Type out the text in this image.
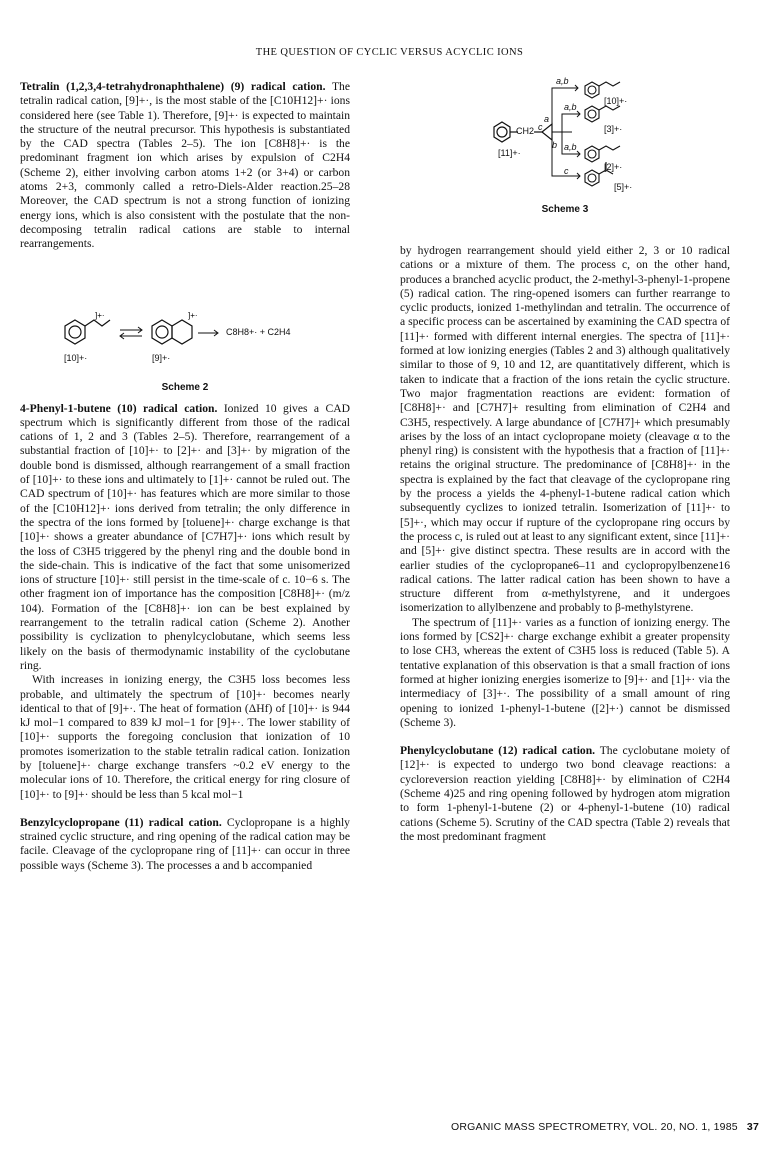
THE QUESTION OF CYCLIC VERSUS ACYCLIC IONS

Tetralin (1,2,3,4-tetrahydronaphthalene) (9) radical cation. The tetralin radical cation, [9]+·, is the most stable of the [C10H12]+· ions considered here (see Table 1). Therefore, [9]+· is expected to maintain the structure of the neutral precursor. This hypothesis is substantiated by the CAD spectra (Tables 2–5). The ion [C8H8]+· is the predominant fragment ion which arises by expulsion of C2H4 (Scheme 2), either involving carbon atoms 1+2 (or 3+4) or carbon atoms 2+3, commonly called a retro-Diels-Alder reaction.25–28 Moreover, the CAD spectrum is not a strong function of ionizing energy ions, which is also consistent with the postulate that the non-decomposing tetralin radical cations are stable to internal rearrangements.

4-Phenyl-1-butene (10) radical cation. Ionized 10 gives a CAD spectrum which is significantly different from those of the radical cations of 1, 2 and 3 (Tables 2–5). Therefore, rearrangement of a substantial fraction of [10]+· to [2]+· and [3]+· by migration of the double bond is dismissed, although rearrangement of a small fraction of [10]+· to these ions and ultimately to [1]+· cannot be ruled out. The CAD spectrum of [10]+· has features which are more similar to those of the [C10H12]+· ions derived from tetralin; the only difference in the spectra of the ions formed by [toluene]+· charge exchange is that [10]+· shows a greater abundance of [C7H7]+· ions which result by the loss of C3H5 triggered by the phenyl ring and the double bond in the side-chain. This is indicative of the fact that some unisomerized ions of structure [10]+· still persist in the time-scale of c. 10−6 s. The other fragment ion of importance has the composition [C8H8]+· (m/z 104). Formation of the [C8H8]+· ion can be best explained by rearrangement to the tetralin radical cation (Scheme 2). Another possibility is cyclization to phenylcyclobutane, which seems less likely on the basis of thermodynamic instability of the cyclobutane ring.

With increases in ionizing energy, the C3H5 loss becomes less probable, and ultimately the spectrum of [10]+· becomes nearly identical to that of [9]+·. The heat of formation (ΔHf) of [10]+· is 944 kJ mol−1 compared to 839 kJ mol−1 for [9]+·. The lower stability of [10]+· supports the foregoing conclusion that ionization of 10 promotes isomerization to the stable tetralin radical cation. Ionization by [toluene]+· charge exchange transfers ~0.2 eV energy to the molecular ions of 10. Therefore, the critical energy for ring closure of [10]+· to [9]+· should be less than 5 kcal mol−1

Benzylcyclopropane (11) radical cation. Cyclopropane is a highly strained cyclic structure, and ring opening of the radical cation may be facile. Cleavage of the cyclopropane ring of [11]+· can occur in three possible ways (Scheme 3). The processes a and b accompanied

]+·	]+·
C8H8+· + C2H4
[10]+·	[9]+·
Scheme 2
CH2
[11]+·
a,b
a,b
a,b
c
a
b
c
[10]+·
[3]+·
[2]+·
[5]+·
Scheme 3

by hydrogen rearrangement should yield either 2, 3 or 10 radical cations or a mixture of them. The process c, on the other hand, produces a branched acyclic product, the 2-methyl-3-phenyl-1-propene (5) radical cation. The ring-opened isomers can further rearrange to cyclic products, ionized 1-methylindan and tetralin. The occurrence of a specific process can be ascertained by examining the CAD spectra of [11]+· formed with different internal energies. The spectra of [11]+· formed at low ionizing energies (Tables 2 and 3) although qualitatively similar to those of 9, 10 and 12, are quantitatively different, which is taken to indicate that a fraction of the ions retain the cyclic structure. Two major fragmentation reactions are evident: formation of [C8H8]+· and [C7H7]+ resulting from elimination of C2H4 and C3H5, respectively. A large abundance of [C7H7]+ which presumably arises by the loss of an intact cyclopropane moiety (cleavage α to the phenyl ring) is consistent with the hypothesis that a fraction of [11]+· retains the original structure. The predominance of [C8H8]+· in the spectra is explained by the fact that cleavage of the cyclopropane ring by the process a yields the 4-phenyl-1-butene radical cation which subsequently cyclizes to ionized tetralin. Isomerization of [11]+· to [5]+·, which may occur if rupture of the cyclopropane ring occurs by the process c, is ruled out at least to any significant extent, since [11]+· and [5]+· give distinct spectra. These results are in accord with the earlier studies of the cyclopropane6–11 and cyclopropylbenzene16 radical cations. The latter radical cation has been shown to have a structure different from α-methylstyrene, and it undergoes isomerization to allylbenzene and probably to β-methylstyrene.

The spectrum of [11]+· varies as a function of ionizing energy. The ions formed by [CS2]+· charge exchange exhibit a greater propensity to lose CH3, whereas the extent of C3H5 loss is reduced (Table 5). A tentative explanation of this observation is that a small fraction of ions formed at higher ionizing energies isomerize to [9]+· and [1]+· via the intermediacy of [3]+·. The possibility of a small amount of ring opening to ionized 1-phenyl-1-butene ([2]+·) cannot be dismissed (Scheme 3).

Phenylcyclobutane (12) radical cation. The cyclobutane moiety of [12]+· is expected to undergo two bond cleavage reactions: a cycloreversion reaction yielding [C8H8]+· by elimination of C2H4 (Scheme 4)25 and ring opening followed by hydrogen atom migration to form 1-phenyl-1-butene (2) or 4-phenyl-1-butene (10) radical cations (Scheme 5). Scrutiny of the CAD spectra (Table 2) reveals that the most predominant fragment

ORGANIC MASS SPECTROMETRY, VOL. 20, NO. 1, 1985 37
